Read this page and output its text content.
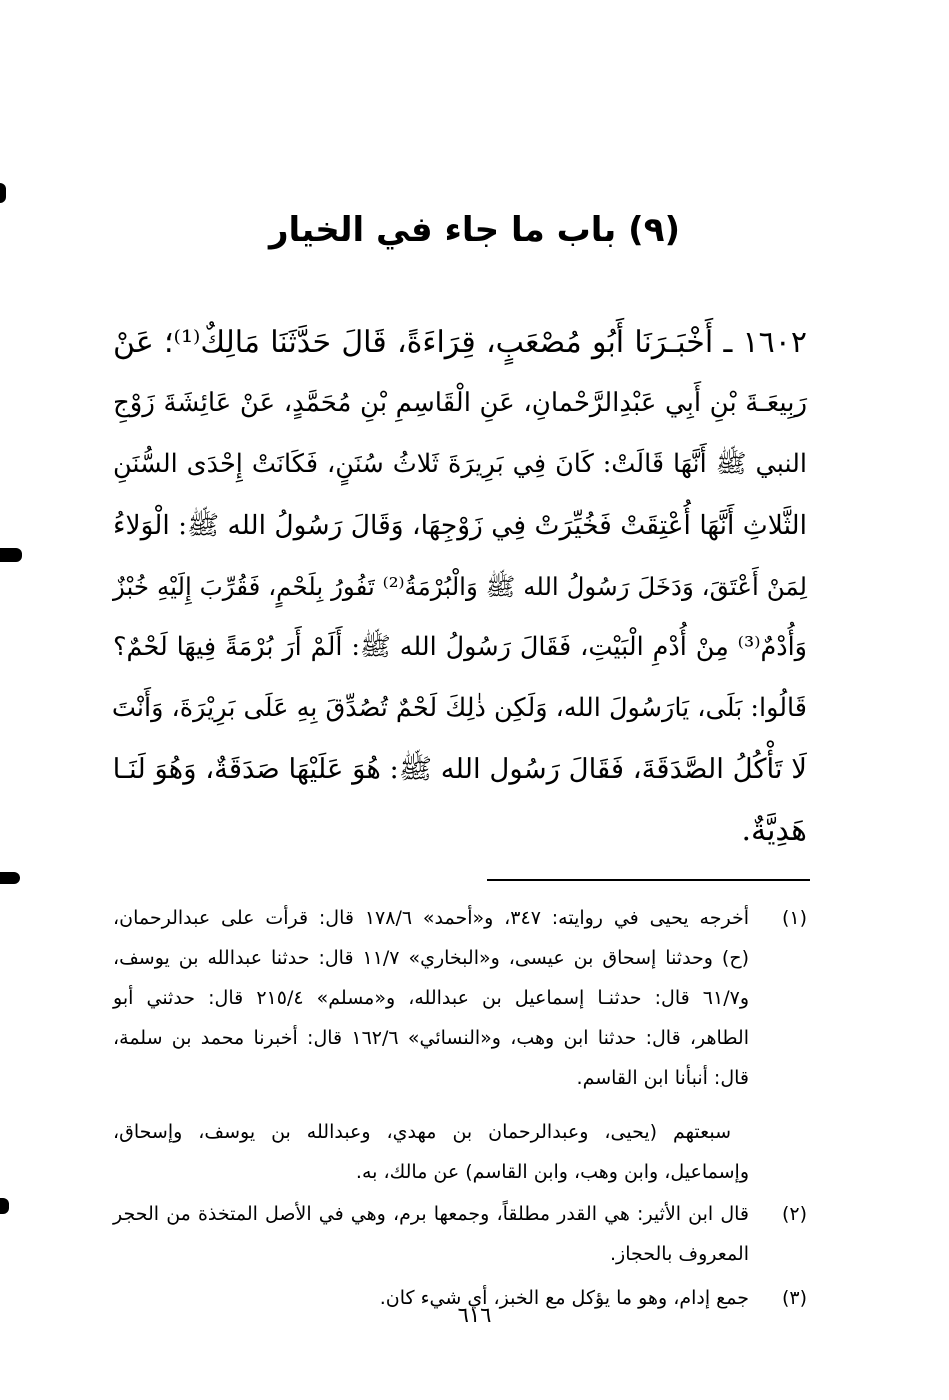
(٩) باب ما جاء في الخيار
١٦٠٢ ـ أَخْبَـرَنَا أَبُو مُصْعَبٍ، قِرَاءَةً، قَالَ حَدَّثَنَا مَالِكٌ⁽¹⁾؛ عَنْ
رَبِيعَـةَ بْنِ أَبِي عَبْدِالرَّحْمانِ، عَنِ الْقَاسِمِ بْنِ مُحَمَّدٍ، عَنْ عَائِشَةَ زَوْجِ
النبي ﷺ أَنَّهَا قَالَتْ: كَانَ فِي بَرِيرَةَ ثَلاثُ سُنَنٍ، فَكَانَتْ إِحْدَى السُّنَنِ
الثَّلاثِ أَنَّهَا أُعْتِقَتْ فَخُيِّرَتْ فِي زَوْجِهَا، وَقَالَ رَسُولُ الله ﷺ: الْوَلاءُ
لِمَنْ أَعْتَقَ، وَدَخَلَ رَسُولُ الله ﷺ وَالْبُرْمَةُ⁽²⁾ تَفُورُ بِلَحْمٍ، فَقُرِّبَ إِلَيْهِ خُبْزٌ
وَأُدْمٌ⁽³⁾ مِنْ أُدْمِ الْبَيْتِ، فَقَالَ رَسُولُ الله ﷺ: أَلَمْ أَرَ بُرْمَةً فِيهَا لَحْمٌ؟
قَالُوا: بَلَى، يَارَسُولَ الله، وَلَكِن ذٰلِكَ لَحْمٌ تُصُدِّقَ بِهِ عَلَى بَرِيْرَةَ، وَأَنْتَ
لَا تَأْكُلُ الصَّدَقَةَ، فَقَالَ رَسُول الله ﷺ: هُوَ عَلَيْهَا صَدَقَةٌ، وَهُوَ لَنَـا
هَدِيَّةٌ.
(١)
أخرجه يحيى في روايته: ٣٤٧، و«أحمد» ١٧٨/٦ قال: قرأت على عبدالرحمان،
(ح) وحدثنا إسحاق بن عيسى، و«البخاري» ١١/٧ قال: حدثنا عبدالله بن يوسف،
و٦١/٧ قال: حدثنـا إسماعيل بن عبدالله، و«مسلم» ٢١٥/٤ قال: حدثني أبو
الطاهر، قال: حدثنا ابن وهب، و«النسائي» ١٦٢/٦ قال: أخبرنا محمد بن سلمة،
قال: أنبأنا ابن القاسم.
سبعتهم (يحيى، وعبدالرحمان بن مهدي، وعبدالله بن يوسف، وإسحاق،
وإسماعيل، وابن وهب، وابن القاسم) عن مالك، به.
(٢)
قال ابن الأثير: هي القدر مطلقاً، وجمعها برم، وهي في الأصل المتخذة من الحجر
المعروف بالحجاز.
(٣)
جمع إدام، وهو ما يؤكل مع الخبز، أي شيء كان.
٦١٦
